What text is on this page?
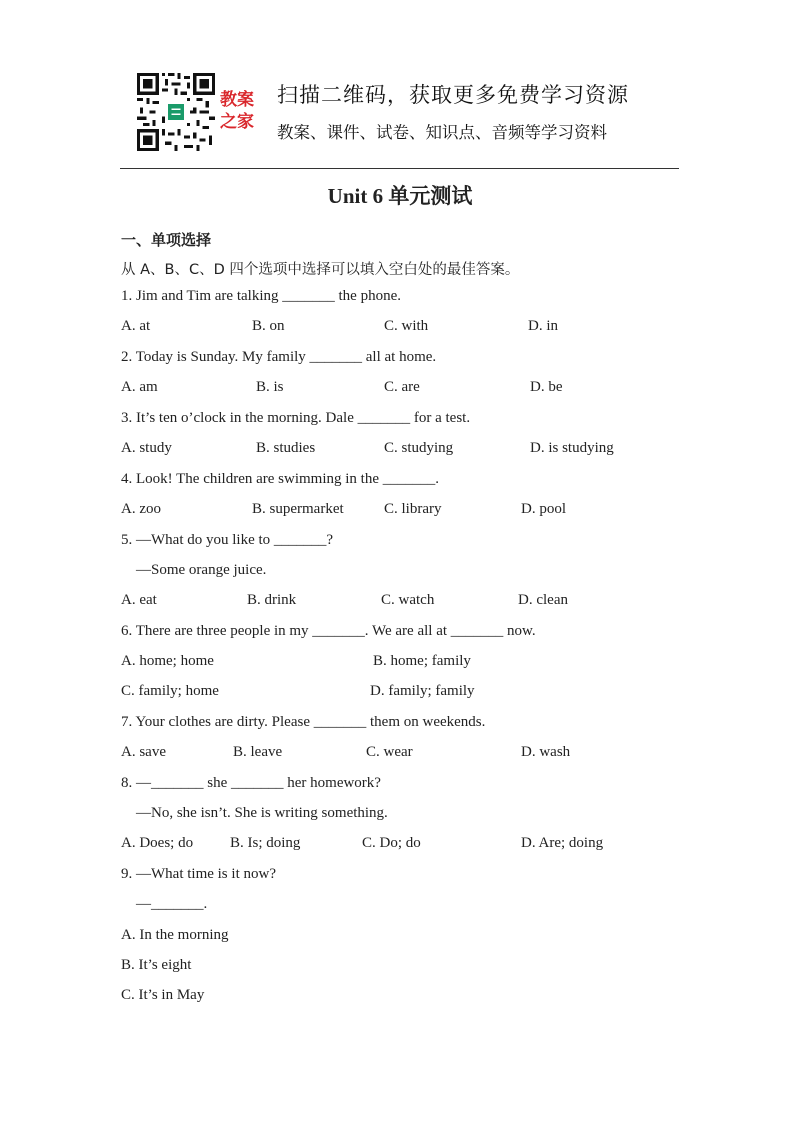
教案
之家
扫描二维码，获取更多免费学习资源
教案、课件、试卷、知识点、音频等学习资料
Unit 6 单元测试
一、单项选择
从 A、B、C、D 四个选项中选择可以填入空白处的最佳答案。
1. Jim and Tim are talking _______ the phone.
A. at	B. on	C. with	D. in
2. Today is Sunday. My family _______ all at home.
A. am	B. is	C. are	D. be
3. It’s ten o’clock in the morning. Dale _______ for a test.
A. study	B. studies	C. studying	D. is studying
4. Look! The children are swimming in the _______.
A. zoo	B. supermarket	C. library	D. pool
5. —What do you like to _______?
—Some orange juice.
A. eat	B. drink	C. watch	D. clean
6. There are three people in my _______. We are all at _______ now.
A. home; home	B. home; family
C. family; home	D. family; family
7. Your clothes are dirty. Please _______ them on weekends.
A. save	B. leave	C. wear	D. wash
8. —_______ she _______ her homework?
—No, she isn’t. She is writing something.
A. Does; do B. Is; doing	C. Do; do	D. Are; doing
9. —What time is it now?
—_______.
A. In the morning
B. It’s eight
C. It’s in May
